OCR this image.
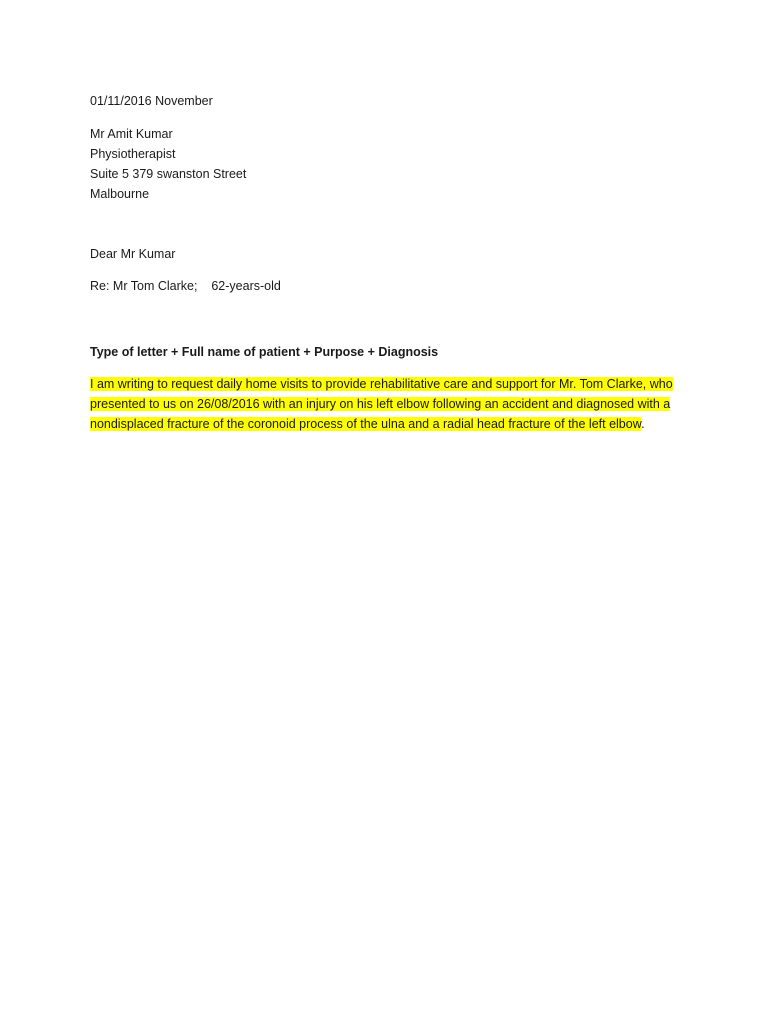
01/11/2016 November

Mr Amit Kumar

Physiotherapist

Suite 5 379 swanston Street

Malbourne

Dear Mr Kumar

Re: Mr Tom Clarke; 62-years-old

Type of letter + Full name of patient + Purpose + Diagnosis

I am writing to request daily home visits to provide rehabilitative care and support for Mr. Tom Clarke, who presented to us on 26/08/2016 with an injury on his left elbow following an accident and diagnosed with a nondisplaced fracture of the coronoid process of the ulna and a radial head fracture of the left elbow.
